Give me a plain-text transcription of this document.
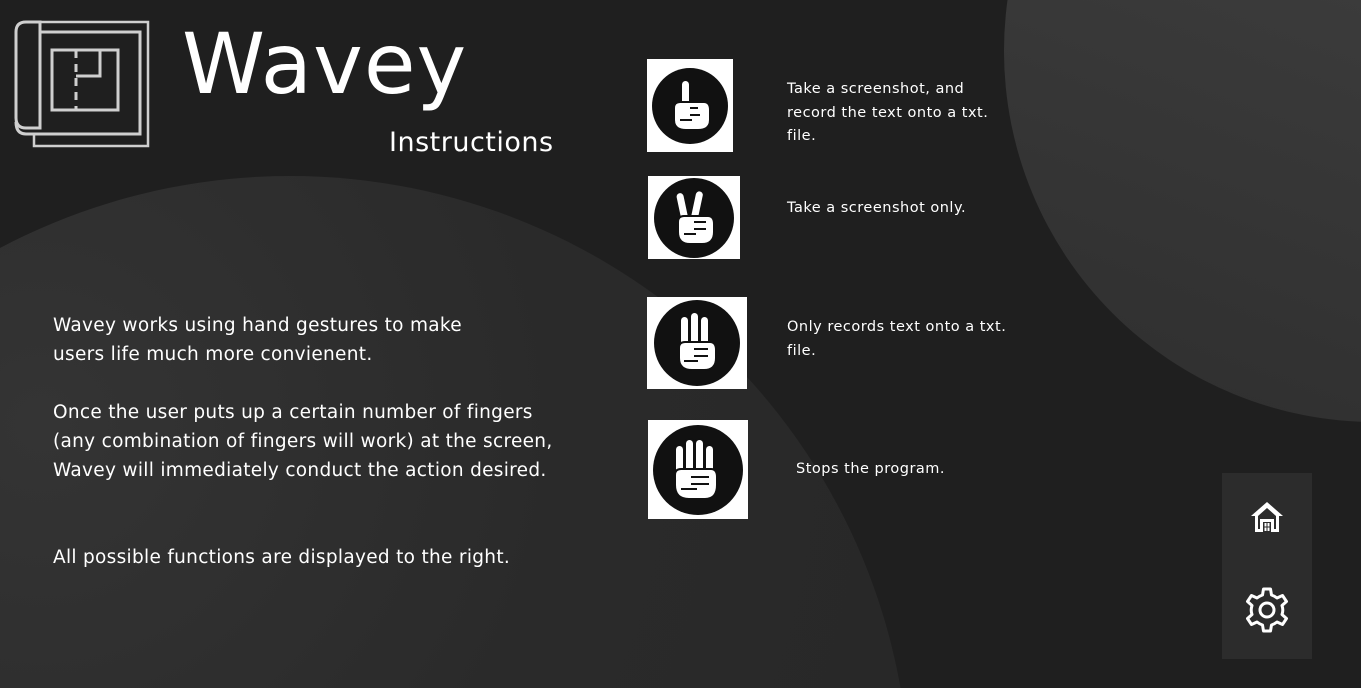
Wavey
Instructions

Wavey works using hand gestures to make users life much more convienent.

Once the user puts up a certain number of fingers (any combination of fingers will work) at the screen, Wavey will immediately conduct the action desired.

All possible functions are displayed to the right.

Take a screenshot, and record the text onto a txt. file.
Take a screenshot only.
Only records text onto a txt. file.
Stops the program.
